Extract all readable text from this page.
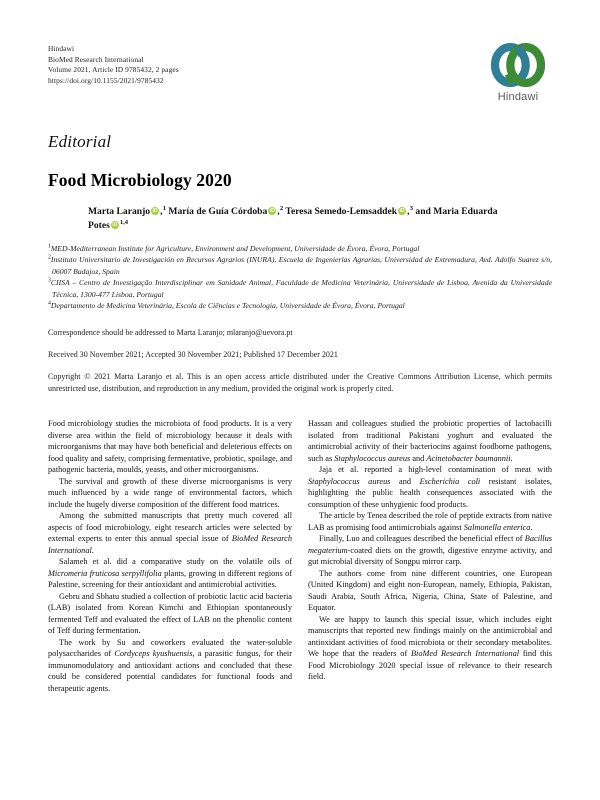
Hindawi
BioMed Research International
Volume 2021, Article ID 9785432, 2 pages
https://doi.org/10.1155/2021/9785432
Hindawi
Editorial
Food Microbiology 2020
Marta Laranjo iD ,$^1$ María de Guía Córdoba iD ,$^2$ Teresa Semedo-Lemsaddek iD ,$^3$ and Maria Eduarda Potes iD $^{1,4}$
$^1$MED-Mediterranean Institute for Agriculture, Environment and Development, Universidade de Évora, Évora, Portugal
$^2$Instituto Universitario de Investigación en Recursos Agrarios (INURA), Escuela de Ingenierías Agrarias, Universidad de Extremadura, Avd. Adolfo Suarez s/n, 06007 Badajoz, Spain
$^3$CIISA – Centro de Investigação Interdisciplinar em Sanidade Animal, Faculdade de Medicina Veterinária, Universidade de Lisboa, Avenida da Universidade Técnica, 1300-477 Lisboa, Portugal
$^4$Departamento de Medicina Veterinária, Escola de Ciências e Tecnologia, Universidade de Évora, Évora, Portugal
Correspondence should be addressed to Marta Laranjo; mlaranjo@uevora.pt
Received 30 November 2021; Accepted 30 November 2021; Published 17 December 2021
Copyright © 2021 Marta Laranjo et al. This is an open access article distributed under the Creative Commons Attribution License, which permits unrestricted use, distribution, and reproduction in any medium, provided the original work is properly cited.

Food microbiology studies the microbiota of food products. It is a very diverse area within the field of microbiology because it deals with microorganisms that may have both beneficial and deleterious effects on food quality and safety, comprising fermentative, probiotic, spoilage, and pathogenic bacteria, moulds, yeasts, and other microorganisms.

The survival and growth of these diverse microorganisms is very much influenced by a wide range of environmental factors, which include the hugely diverse composition of the different food matrices.

Among the submitted manuscripts that pretty much covered all aspects of food microbiology, eight research articles were selected by external experts to enter this annual special issue of BioMed Research International.

Salameh et al. did a comparative study on the volatile oils of Micromeria fruticosa serpyllifolia plants, growing in different regions of Palestine, screening for their antioxidant and antimicrobial activities.

Gebru and Sbhatu studied a collection of probiotic lactic acid bacteria (LAB) isolated from Korean Kimchi and Ethiopian spontaneously fermented Teff and evaluated the effect of LAB on the phenolic content of Teff during fermentation.

The work by Su and coworkers evaluated the water-soluble polysaccharides of Cordyceps kyushuensis, a parasitic fungus, for their immunomodulatory and antioxidant actions and concluded that these could be considered potential candidates for functional foods and therapeutic agents.

Hassan and colleagues studied the probiotic properties of lactobacilli isolated from traditional Pakistani yoghurt and evaluated the antimicrobial activity of their bacteriocins against foodborne pathogens, such as Staphylococcus aureus and Acinetobacter baumannii.

Jaja et al. reported a high-level contamination of meat with Staphylococcus aureus and Escherichia coli resistant isolates, highlighting the public health consequences associated with the consumption of these unhygienic food products.

The article by Tenea described the role of peptide extracts from native LAB as promising food antimicrobials against Salmonella enterica.

Finally, Luo and colleagues described the beneficial effect of Bacillus megaterium-coated diets on the growth, digestive enzyme activity, and gut microbial diversity of Songpu mirror carp.

The authors come from nine different countries, one European (United Kingdom) and eight non-European, namely, Ethiopia, Pakistan, Saudi Arabia, South Africa, Nigeria, China, State of Palestine, and Equator.

We are happy to launch this special issue, which includes eight manuscripts that reported new findings mainly on the antimicrobial and antioxidant activities of food microbiota or their secondary metabolites. We hope that the readers of BioMed Research International find this Food Microbiology 2020 special issue of relevance to their research field.
